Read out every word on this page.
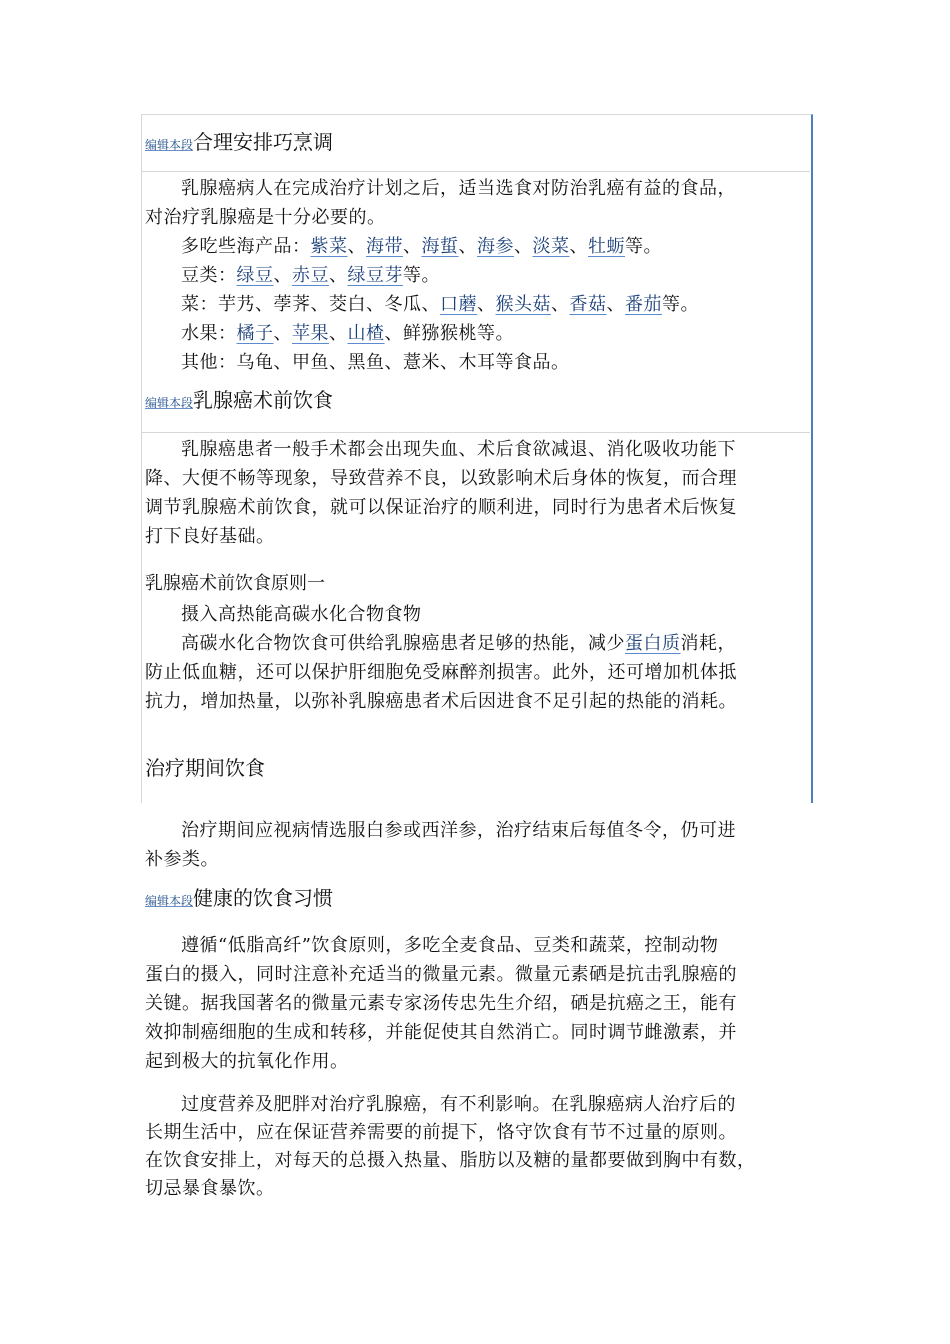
编辑本段合理安排巧烹调

乳腺癌病人在完成治疗计划之后，适当选食对防治乳癌有益的食品，

对治疗乳腺癌是十分必要的。

多吃些海产品：紫菜、海带、海蜇、海参、淡菜、牡蛎等。

豆类：绿豆、赤豆、绿豆芽等。

菜：芋艿、荸荠、茭白、冬瓜、口蘑、猴头菇、香菇、番茄等。

水果：橘子、苹果、山楂、鲜猕猴桃等。

其他：乌龟、甲鱼、黑鱼、薏米、木耳等食品。

编辑本段乳腺癌术前饮食

乳腺癌患者一般手术都会出现失血、术后食欲减退、消化吸收功能下

降、大便不畅等现象，导致营养不良，以致影响术后身体的恢复，而合理

调节乳腺癌术前饮食，就可以保证治疗的顺利进，同时行为患者术后恢复

打下良好基础。

乳腺癌术前饮食原则一

摄入高热能高碳水化合物食物

高碳水化合物饮食可供给乳腺癌患者足够的热能，减少蛋白质消耗，

防止低血糖，还可以保护肝细胞免受麻醉剂损害。此外，还可增加机体抵

抗力，增加热量，以弥补乳腺癌患者术后因进食不足引起的热能的消耗。

治疗期间饮食

治疗期间应视病情选服白参或西洋参，治疗结束后每值冬令，仍可进

补参类。

编辑本段健康的饮食习惯

遵循“低脂高纤”饮食原则，多吃全麦食品、豆类和蔬菜，控制动物

蛋白的摄入，同时注意补充适当的微量元素。微量元素硒是抗击乳腺癌的

关键。据我国著名的微量元素专家汤传忠先生介绍，硒是抗癌之王，能有

效抑制癌细胞的生成和转移，并能促使其自然消亡。同时调节雌激素，并

起到极大的抗氧化作用。

过度营养及肥胖对治疗乳腺癌，有不利影响。在乳腺癌病人治疗后的

长期生活中，应在保证营养需要的前提下，恪守饮食有节不过量的原则。

在饮食安排上，对每天的总摄入热量、脂肪以及糖的量都要做到胸中有数，

切忌暴食暴饮。
